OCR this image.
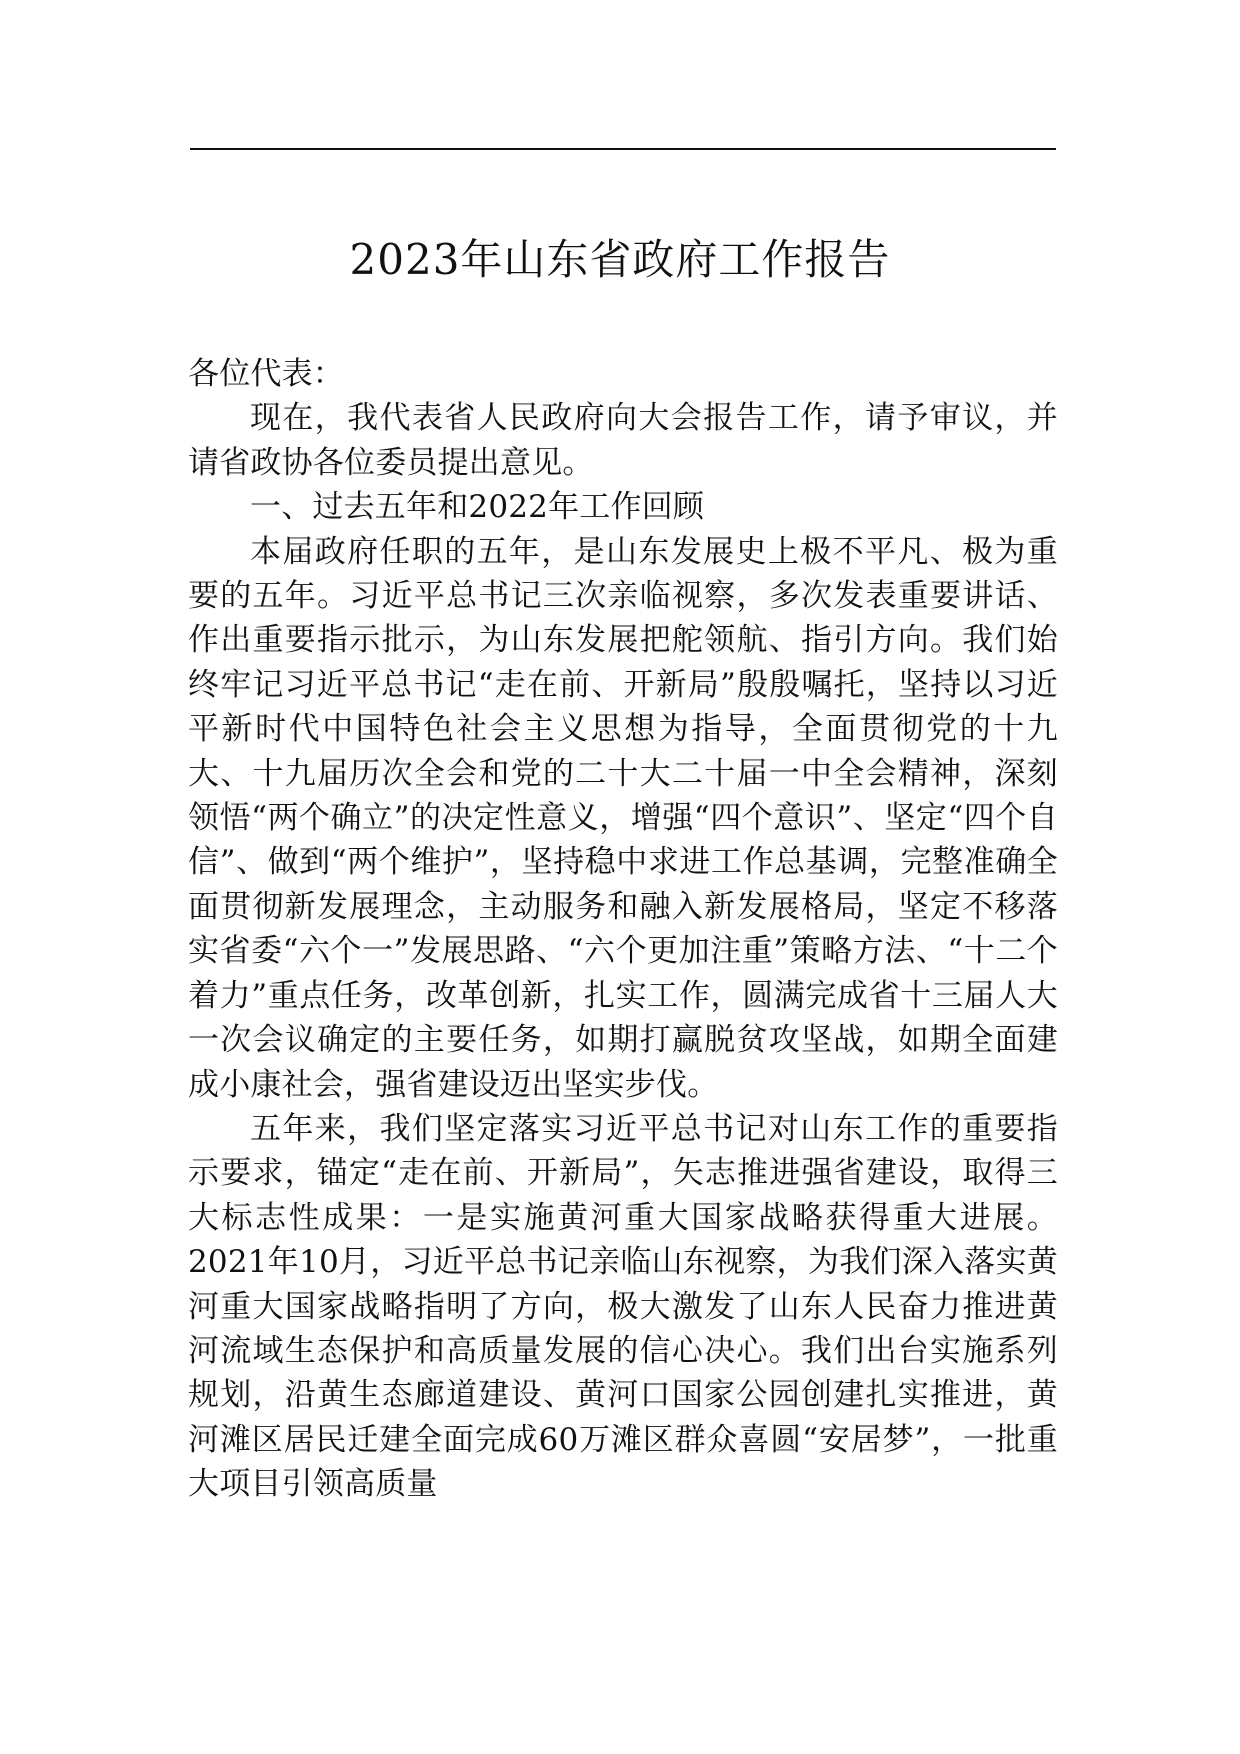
2023年山东省政府工作报告

各位代表：

现在，我代表省人民政府向大会报告工作，请予审议，并请省政协各位委员提出意见。

一、过去五年和2022年工作回顾

本届政府任职的五年，是山东发展史上极不平凡、极为重要的五年。习近平总书记三次亲临视察，多次发表重要讲话、作出重要指示批示，为山东发展把舵领航、指引方向。我们始终牢记习近平总书记“走在前、开新局”殷殷嘱托，坚持以习近平新时代中国特色社会主义思想为指导，全面贯彻党的十九大、十九届历次全会和党的二十大二十届一中全会精神，深刻领悟“两个确立”的决定性意义，增强“四个意识”、坚定“四个自信”、做到“两个维护”，坚持稳中求进工作总基调，完整准确全面贯彻新发展理念，主动服务和融入新发展格局，坚定不移落实省委“六个一”发展思路、“六个更加注重”策略方法、“十二个着力”重点任务，改革创新，扎实工作，圆满完成省十三届人大一次会议确定的主要任务，如期打赢脱贫攻坚战，如期全面建成小康社会，强省建设迈出坚实步伐。

五年来，我们坚定落实习近平总书记对山东工作的重要指示要求，锚定“走在前、开新局”，矢志推进强省建设，取得三大标志性成果：一是实施黄河重大国家战略获得重大进展。2021年10月，习近平总书记亲临山东视察，为我们深入落实黄河重大国家战略指明了方向，极大激发了山东人民奋力推进黄河流域生态保护和高质量发展的信心决心。我们出台实施系列规划，沿黄生态廊道建设、黄河口国家公园创建扎实推进，黄河滩区居民迁建全面完成60万滩区群众喜圆“安居梦”，一批重大项目引领高质量
